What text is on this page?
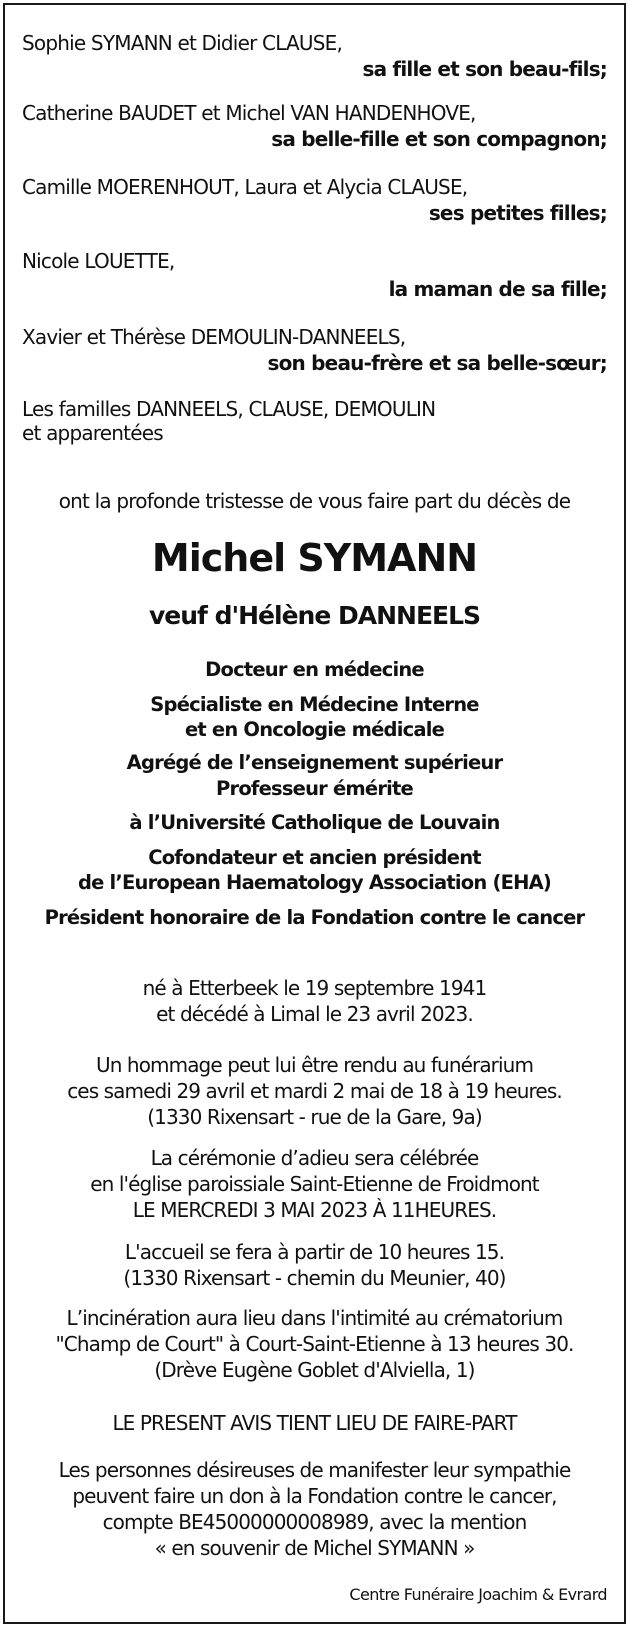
Sophie SYMANN et Didier CLAUSE,
sa fille et son beau-fils;
Catherine BAUDET et Michel VAN HANDENHOVE,
sa belle-fille et son compagnon;
Camille MOERENHOUT, Laura et Alycia CLAUSE,
ses petites filles;
Nicole LOUETTE,
la maman de sa fille;
Xavier et Thérèse DEMOULIN-DANNEELS,
son beau-frère et sa belle-sœur;
Les familles DANNEELS, CLAUSE, DEMOULIN
et apparentées
ont la profonde tristesse de vous faire part du décès de
Michel SYMANN
veuf d'Hélène DANNEELS
Docteur en médecine
Spécialiste en Médecine Interne
et en Oncologie médicale
Agrégé de l’enseignement supérieur
Professeur émérite
à l’Université Catholique de Louvain
Cofondateur et ancien président
de l’European Haematology Association (EHA)
Président honoraire de la Fondation contre le cancer
né à Etterbeek le 19 septembre 1941
et décédé à Limal le 23 avril 2023.
Un hommage peut lui être rendu au funérarium
ces samedi 29 avril et mardi 2 mai de 18 à 19 heures.
(1330 Rixensart - rue de la Gare, 9a)
La cérémonie d’adieu sera célébrée
en l'église paroissiale Saint-Etienne de Froidmont
LE MERCREDI 3 MAI 2023 À 11HEURES.
L'accueil se fera à partir de 10 heures 15.
(1330 Rixensart - chemin du Meunier, 40)
L’incinération aura lieu dans l'intimité au crématorium
"Champ de Court" à Court-Saint-Etienne à 13 heures 30.
(Drève Eugène Goblet d'Alviella, 1)
LE PRESENT AVIS TIENT LIEU DE FAIRE-PART
Les personnes désireuses de manifester leur sympathie
peuvent faire un don à la Fondation contre le cancer,
compte BE45000000008989, avec la mention
« en souvenir de Michel SYMANN »
Centre Funéraire Joachim & Evrard
